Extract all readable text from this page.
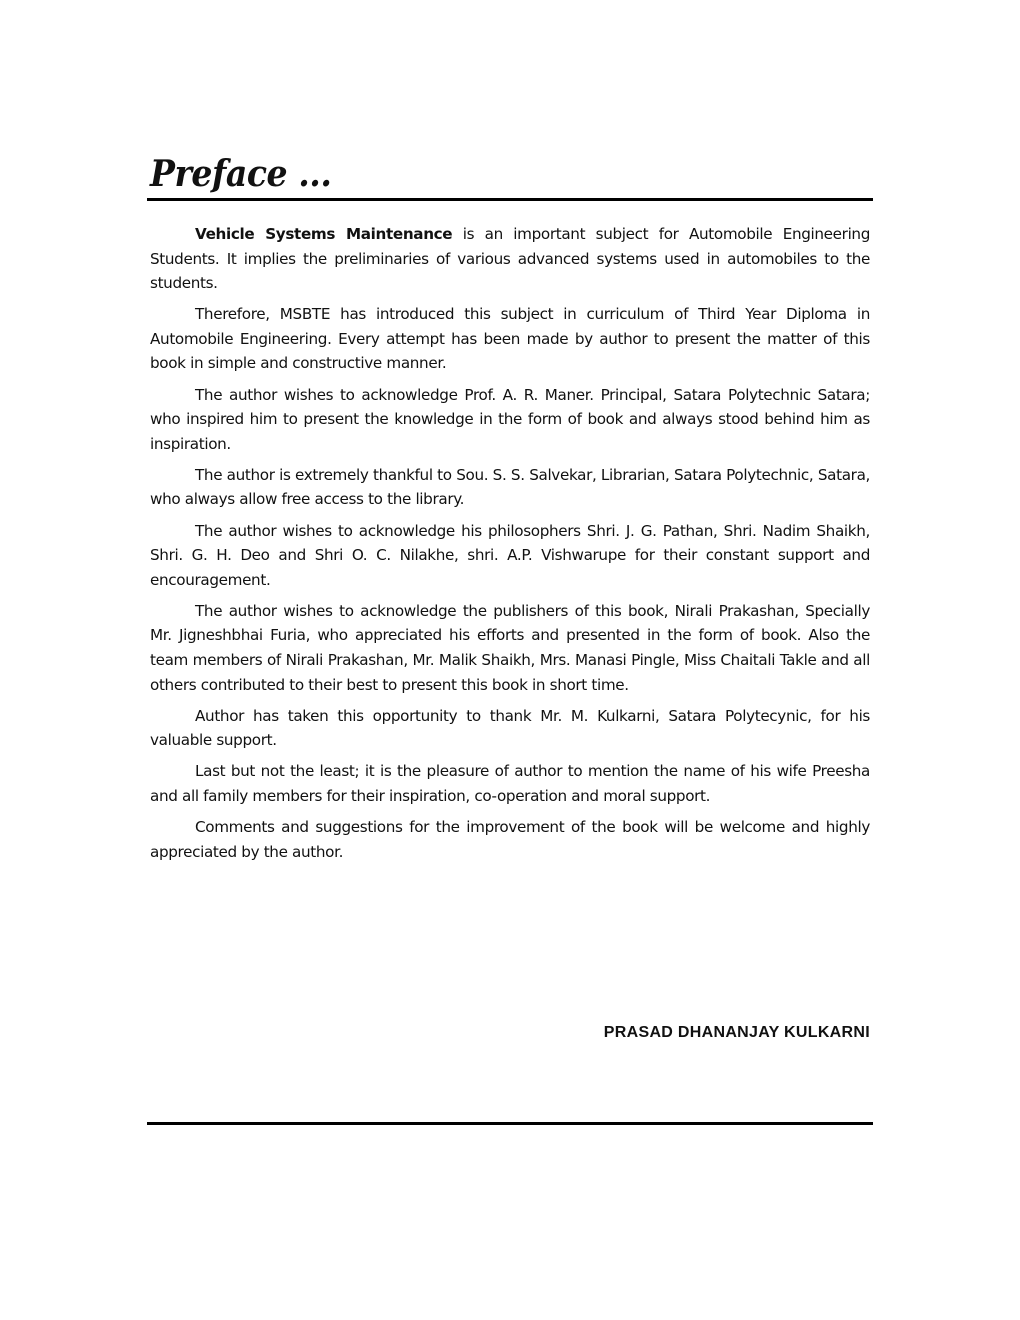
Preface ...

Vehicle Systems Maintenance is an important subject for Automobile Engineering Students. It implies the preliminaries of various advanced systems used in automobiles to the students.

Therefore, MSBTE has introduced this subject in curriculum of Third Year Diploma in Automobile Engineering. Every attempt has been made by author to present the matter of this book in simple and constructive manner.

The author wishes to acknowledge Prof. A. R. Maner. Principal, Satara Polytechnic Satara; who inspired him to present the knowledge in the form of book and always stood behind him as inspiration.

The author is extremely thankful to Sou. S. S. Salvekar, Librarian, Satara Polytechnic, Satara, who always allow free access to the library.

The author wishes to acknowledge his philosophers Shri. J. G. Pathan, Shri. Nadim Shaikh, Shri. G. H. Deo and Shri O. C. Nilakhe, shri. A.P. Vishwarupe for their constant support and encouragement.

The author wishes to acknowledge the publishers of this book, Nirali Prakashan, Specially Mr. Jigneshbhai Furia, who appreciated his efforts and presented in the form of book. Also the team members of Nirali Prakashan, Mr. Malik Shaikh, Mrs. Manasi Pingle, Miss Chaitali Takle and all others contributed to their best to present this book in short time.

Author has taken this opportunity to thank Mr. M. Kulkarni, Satara Polytecynic, for his valuable support.

Last but not the least; it is the pleasure of author to mention the name of his wife Preesha and all family members for their inspiration, co-operation and moral support.

Comments and suggestions for the improvement of the book will be welcome and highly appreciated by the author.

PRASAD DHANANJAY KULKARNI
